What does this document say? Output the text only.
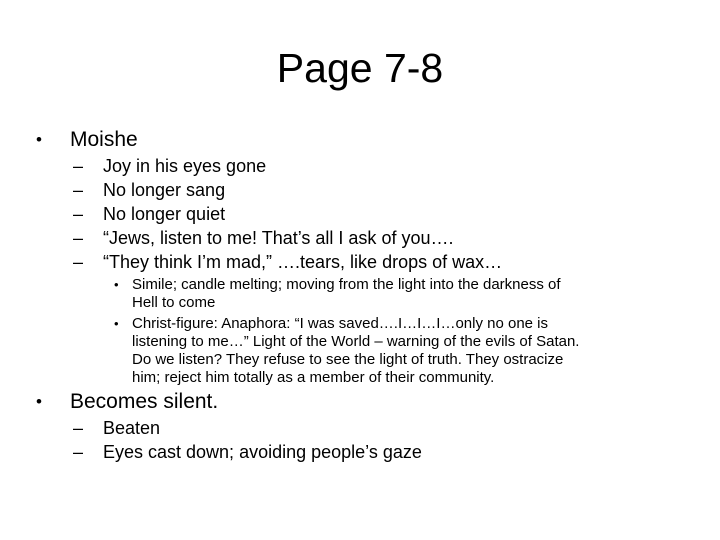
Page 7-8
• Moishe
– Joy in his eyes gone
– No longer sang
– No longer quiet
– “Jews, listen to me! That’s all I ask of you….
– “They think I’m mad,” ….tears, like drops of wax…
• Simile; candle melting; moving from the light into the darkness of
Hell to come
• Christ-figure: Anaphora: “I was saved….I…I…I…only no one is
listening to me…” Light of the World – warning of the evils of Satan.
Do we listen? They refuse to see the light of truth. They ostracize
him; reject him totally as a member of their community.
• Becomes silent.
– Beaten
– Eyes cast down; avoiding people’s gaze
